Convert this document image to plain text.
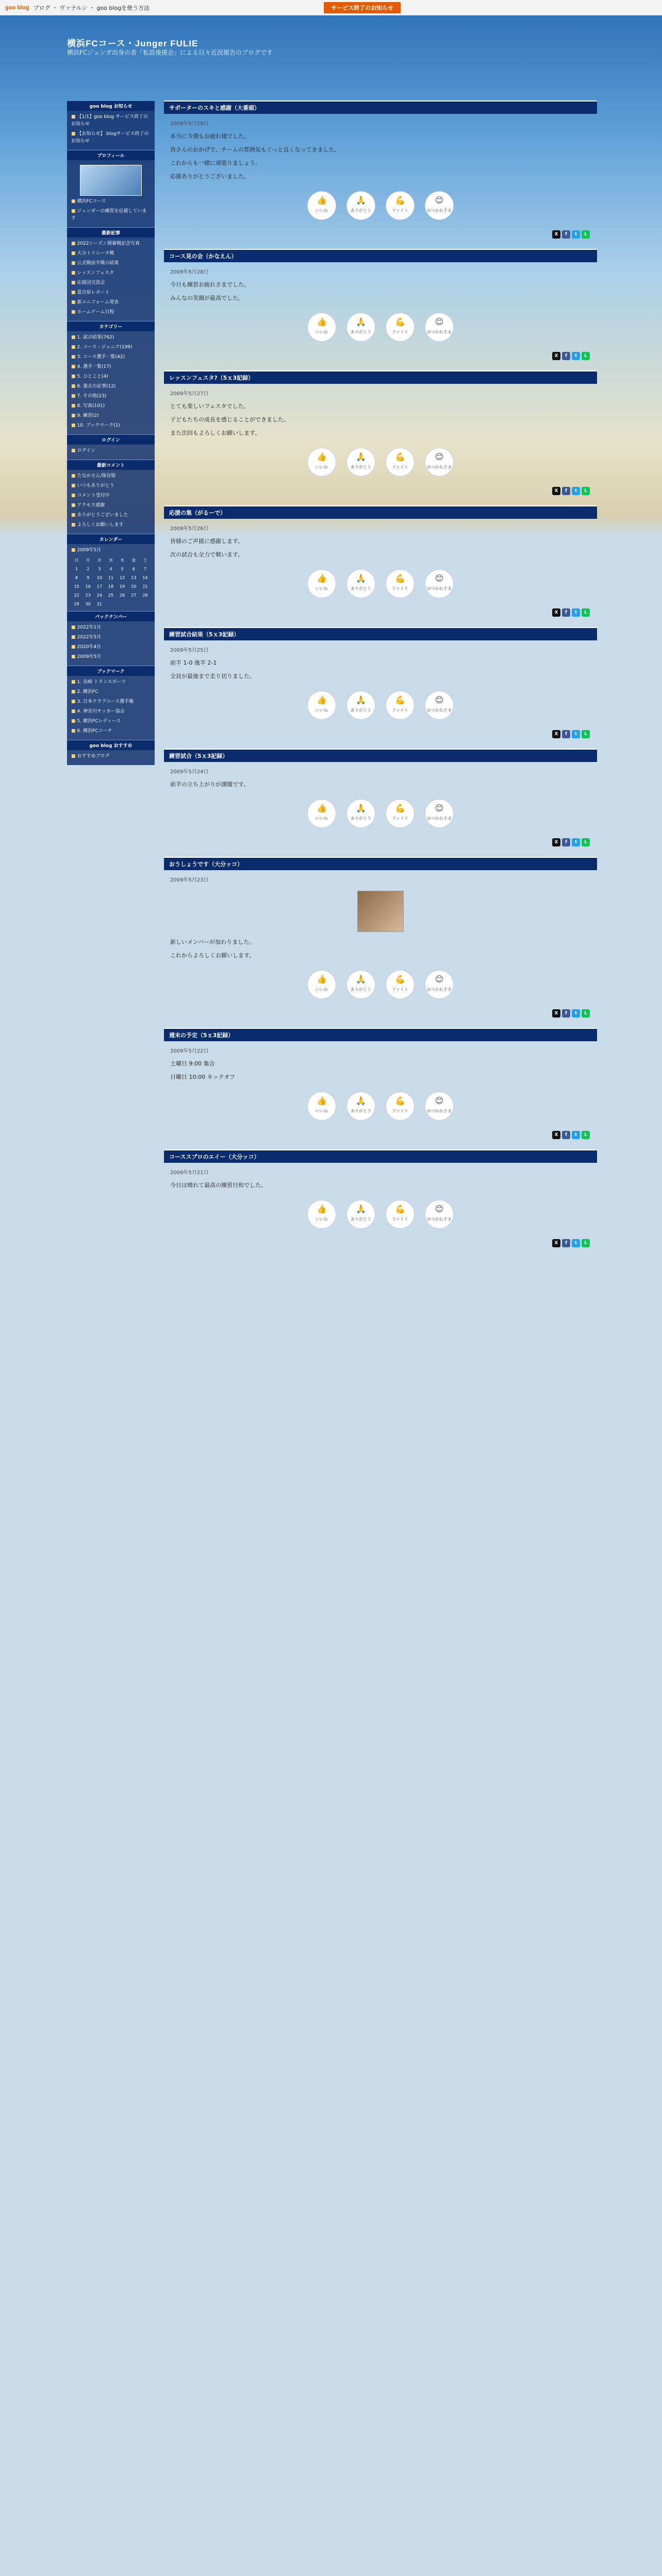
goo blog ブログ ・ ヴァナルン ・ goo blogを使う方法	サービス終了のお知らせ
横浜FCコース・Junger FULIE
横浜FCジュンガ出身の者「私設後援会」による日々近況報告のブログです
goo blog お知らせ
■ 【1/1】goo blog サービス終了のお知らせ
■ 【お知らせ】 blogサービス終了のお知らせ
プロフィール
■ 横浜FCコース
■ ジュンガーの練習を応援しています
最新記事
■ 2022シーズン開幕戦記念写真
■ 大分トリニータ戦
■ 公式戦前半戦の結果
■ レッスンフェスタ
■ 応援団交流会
■ 夏合宿レポート
■ 新ユニフォーム発表
■ ホームゲーム日程
カテゴリー
■ 1. 試合結果(762)
■ 2. コース・ジュニア(199)
■ 3. コース選手一覧(42)
■ 4. 選手一覧(17)
■ 5. ひとこと(4)
■ 6. 過去の記事(12)
■ 7. その他(23)
■ 8. 写真(101)
■ 9. 練習(2)
■ 10. ブックマーク(1)
ログイン
■ ログイン
最新コメント
■ たなかさん/保存版
■ いつもありがとう
■ コメント受付中
■ アクセス感謝
■ ありがとうございました
■ よろしくお願いします
カレンダー
■ 2009年5月
日	月	火	水	木	金	土
1	2	3	4	5	6	7
8	9	10	11	12	13	14
15	16	17	18	19	20	21
22	23	24	25	26	27	28
29	30	31
バックナンバー
■ 2022年1月
■ 2022年5月
■ 2020年4月
■ 2009年5月
ブックマーク
■ 1. 長崎 トランスポーツ
■ 2. 横浜FC
■ 3. 日本クラブユース選手権
■ 4. 神奈川サッカー協会
■ 5. 横浜FCレディース
■ 6. 横浜FCコーチ
goo blog おすすめ
■ おすすめブログ
サポーターのスキと感謝（大番頭）
2009年5月29日

本当に今週もお疲れ様でした。

皆さんのおかげで、チームの雰囲気もぐっと良くなってきました。

これからも一緒に頑張りましょう。

応援ありがとうございました。

👍
いいね
🙏
ありがとう
💪
ファイト
😊
おつかれさま
X	f	t	L
コース見の会（かなえん）
2009年5月28日

今日も練習お疲れさまでした。

みんなの笑顔が最高でした。

👍
いいね
🙏
ありがとう
💪
ファイト
😊
おつかれさま
X	f	t	L
レッスンフェスタ?（5ｘ3記録）
2009年5月27日

とても楽しいフェスタでした。

子どもたちの成長を感じることができました。

また次回もよろしくお願いします。

👍
いいね
🙏
ありがとう
💪
ファイト
😊
おつかれさま
X	f	t	L
応援の集（がるーで）
2009年5月26日

皆様のご声援に感謝します。

次の試合も全力で戦います。

👍
いいね
🙏
ありがとう
💪
ファイト
😊
おつかれさま
X	f	t	L
練習試合結果（5ｘ3記録）
2009年5月25日

前半 1-0 後半 2-1

全員が最後まで走り切りました。

👍
いいね
🙏
ありがとう
💪
ファイト
😊
おつかれさま
X	f	t	L
練習試合（5ｘ3記録）
2009年5月24日

前半の立ち上がりが課題です。

👍
いいね
🙏
ありがとう
💪
ファイト
😊
おつかれさま
X	f	t	L
おうしょうです（大分ッコ）
2009年5月23日

新しいメンバーが加わりました。

これからよろしくお願いします。

👍
いいね
🙏
ありがとう
💪
ファイト
😊
おつかれさま
X	f	t	L
週末の予定（5ｘ3記録）
2009年5月22日

土曜日 9:00 集合

日曜日 10:00 キックオフ

👍
いいね
🙏
ありがとう
💪
ファイト
😊
おつかれさま
X	f	t	L
コーススプロのエイー（大分ッコ）
2009年5月21日

今日は晴れて最高の練習日和でした。

👍
いいね
🙏
ありがとう
💪
ファイト
😊
おつかれさま
X	f	t	L
